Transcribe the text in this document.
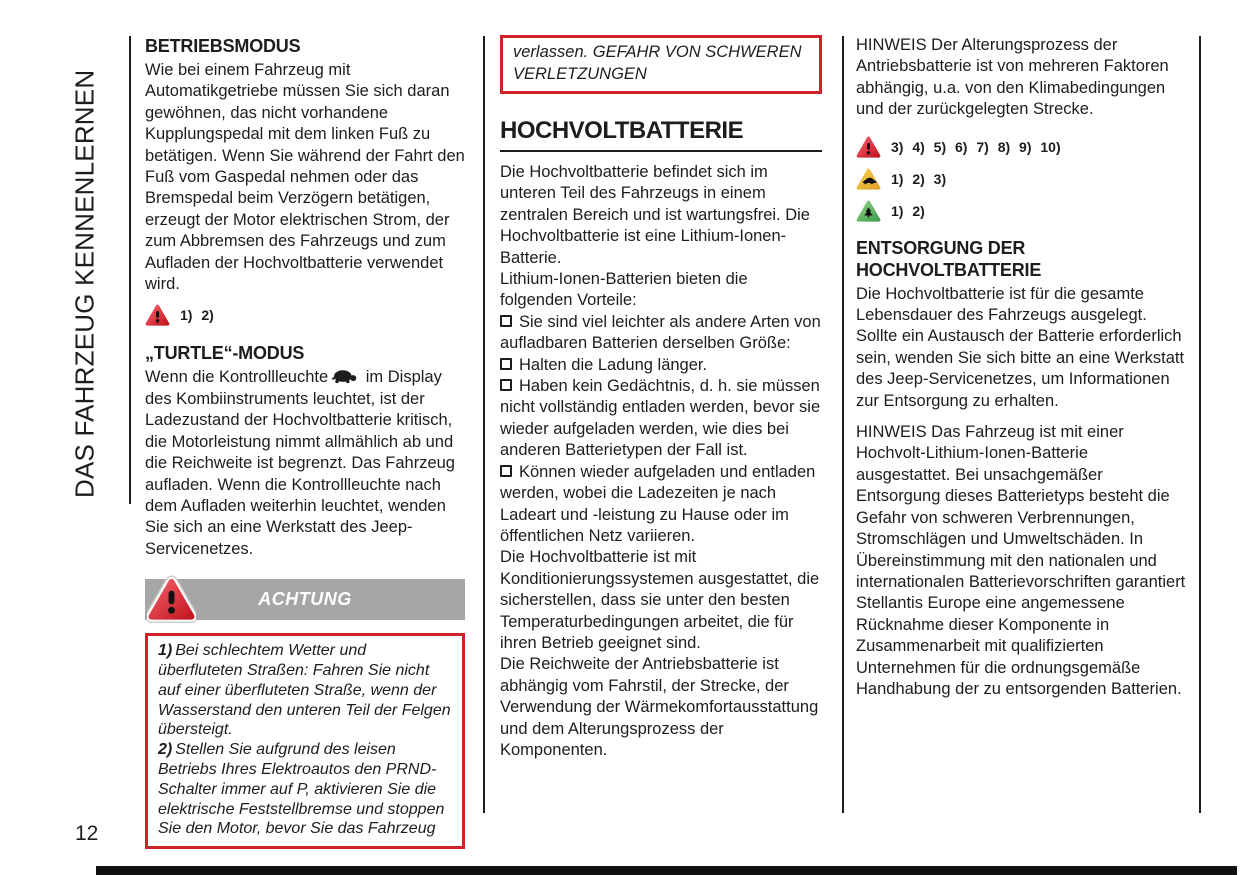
DAS FAHRZEUG KENNENLERNEN
BETRIEBSMODUS

Wie bei einem Fahrzeug mit Automatikgetriebe müssen Sie sich daran gewöhnen, das nicht vorhandene Kupplungspedal mit dem linken Fuß zu betätigen. Wenn Sie während der Fahrt den Fuß vom Gaspedal nehmen oder das Bremspedal beim Verzögern betätigen, erzeugt der Motor elektrischen Strom, der zum Abbremsen des Fahrzeugs und zum Aufladen der Hochvoltbatterie verwendet wird.

1) 2)
„TURTLE“-MODUS

Wenn die Kontrollleuchte im Display des Kombiinstruments leuchtet, ist der Ladezustand der Hochvoltbatterie kritisch, die Motorleistung nimmt allmählich ab und die Reichweite ist begrenzt. Das Fahrzeug aufladen. Wenn die Kontrollleuchte nach dem Aufladen weiterhin leuchtet, wenden Sie sich an eine Werkstatt des Jeep-Servicenetzes.

ACHTUNG

1) Bei schlechtem Wetter und überfluteten Straßen: Fahren Sie nicht auf einer überfluteten Straße, wenn der Wasserstand den unteren Teil der Felgen übersteigt.

2) Stellen Sie aufgrund des leisen Betriebs Ihres Elektroautos den PRND-Schalter immer auf P, aktivieren Sie die elektrische Feststellbremse und stoppen Sie den Motor, bevor Sie das Fahrzeug

verlassen. GEFAHR VON SCHWEREN VERLETZUNGEN

HOCHVOLTBATTERIE

Die Hochvoltbatterie befindet sich im unteren Teil des Fahrzeugs in einem zentralen Bereich und ist wartungsfrei. Die Hochvoltbatterie ist eine Lithium-Ionen-Batterie.

Lithium-Ionen-Batterien bieten die folgenden Vorteile:

Sie sind viel leichter als andere Arten von aufladbaren Batterien derselben Größe:

Halten die Ladung länger.

Haben kein Gedächtnis, d. h. sie müssen nicht vollständig entladen werden, bevor sie wieder aufgeladen werden, wie dies bei anderen Batterietypen der Fall ist.

Können wieder aufgeladen und entladen werden, wobei die Ladezeiten je nach Ladeart und -leistung zu Hause oder im öffentlichen Netz variieren.

Die Hochvoltbatterie ist mit Konditionierungssystemen ausgestattet, die sicherstellen, dass sie unter den besten Temperaturbedingungen arbeitet, die für ihren Betrieb geeignet sind.

Die Reichweite der Antriebsbatterie ist abhängig vom Fahrstil, der Strecke, der Verwendung der Wärmekomfortausstattung und dem Alterungsprozess der Komponenten.

HINWEIS Der Alterungsprozess der Antriebsbatterie ist von mehreren Faktoren abhängig, u.a. von den Klimabedingungen und der zurückgelegten Strecke.

3) 4) 5) 6) 7) 8) 9) 10)
1) 2) 3)
1) 2)
ENTSORGUNG DER HOCHVOLTBATTERIE

Die Hochvoltbatterie ist für die gesamte Lebensdauer des Fahrzeugs ausgelegt. Sollte ein Austausch der Batterie erforderlich sein, wenden Sie sich bitte an eine Werkstatt des Jeep-Servicenetzes, um Informationen zur Entsorgung zu erhalten.

HINWEIS Das Fahrzeug ist mit einer Hochvolt-Lithium-Ionen-Batterie ausgestattet. Bei unsachgemäßer Entsorgung dieses Batterietyps besteht die Gefahr von schweren Verbrennungen, Stromschlägen und Umweltschäden. In Übereinstimmung mit den nationalen und internationalen Batterievorschriften garantiert Stellantis Europe eine angemessene Rücknahme dieser Komponente in Zusammenarbeit mit qualifizierten Unternehmen für die ordnungsgemäße Handhabung der zu entsorgenden Batterien.

12
